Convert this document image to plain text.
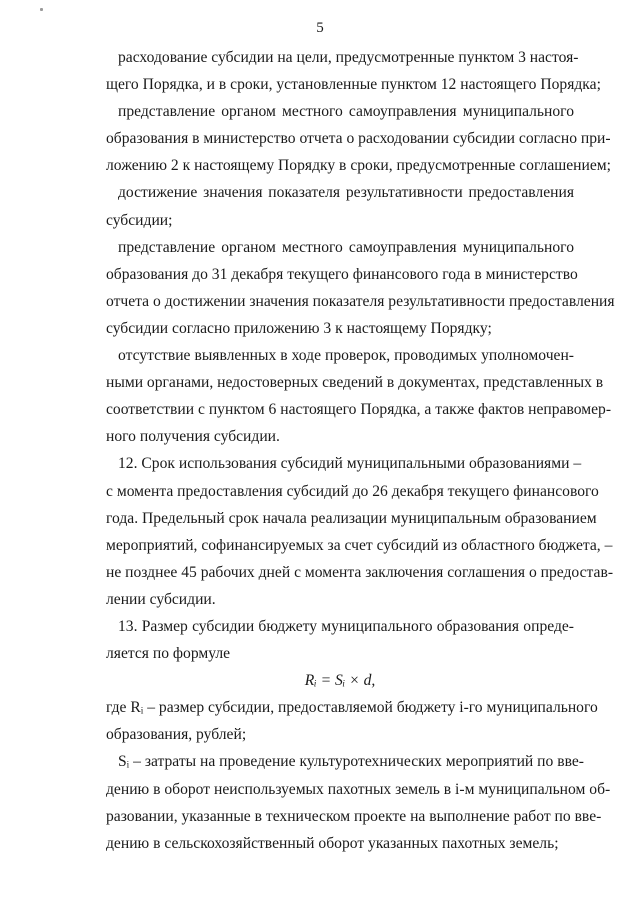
5
расходование субсидии на цели, предусмотренные пунктом 3 настоя-
щего Порядка, и в сроки, установленные пунктом 12 настоящего Порядка;
представление органом местного самоуправления муниципального
образования в министерство отчета о расходовании субсидии согласно при-
ложению 2 к настоящему Порядку в сроки, предусмотренные соглашением;
достижение значения показателя результативности предоставления
субсидии;
представление органом местного самоуправления муниципального
образования до 31 декабря текущего финансового года в министерство
отчета о достижении значения показателя результативности предоставления
субсидии согласно приложению 3 к настоящему Порядку;
отсутствие выявленных в ходе проверок, проводимых уполномочен-
ными органами, недостоверных сведений в документах, представленных в
соответствии с пунктом 6 настоящего Порядка, а также фактов неправомер-
ного получения субсидии.
12. Срок использования субсидий муниципальными образованиями –
с момента предоставления субсидий до 26 декабря текущего финансового
года. Предельный срок начала реализации муниципальным образованием
мероприятий, софинансируемых за счет субсидий из областного бюджета, –
не позднее 45 рабочих дней с момента заключения соглашения о предостав-
лении субсидии.
13. Размер субсидии бюджету муниципального образования опреде-
ляется по формуле
Rᵢ = Sᵢ × d,
где Rᵢ – размер субсидии, предоставляемой бюджету i-го муниципального
образования, рублей;
Sᵢ – затраты на проведение культуротехнических мероприятий по вве-
дению в оборот неиспользуемых пахотных земель в i-м муниципальном об-
разовании, указанные в техническом проекте на выполнение работ по вве-
дению в сельскохозяйственный оборот указанных пахотных земель;
